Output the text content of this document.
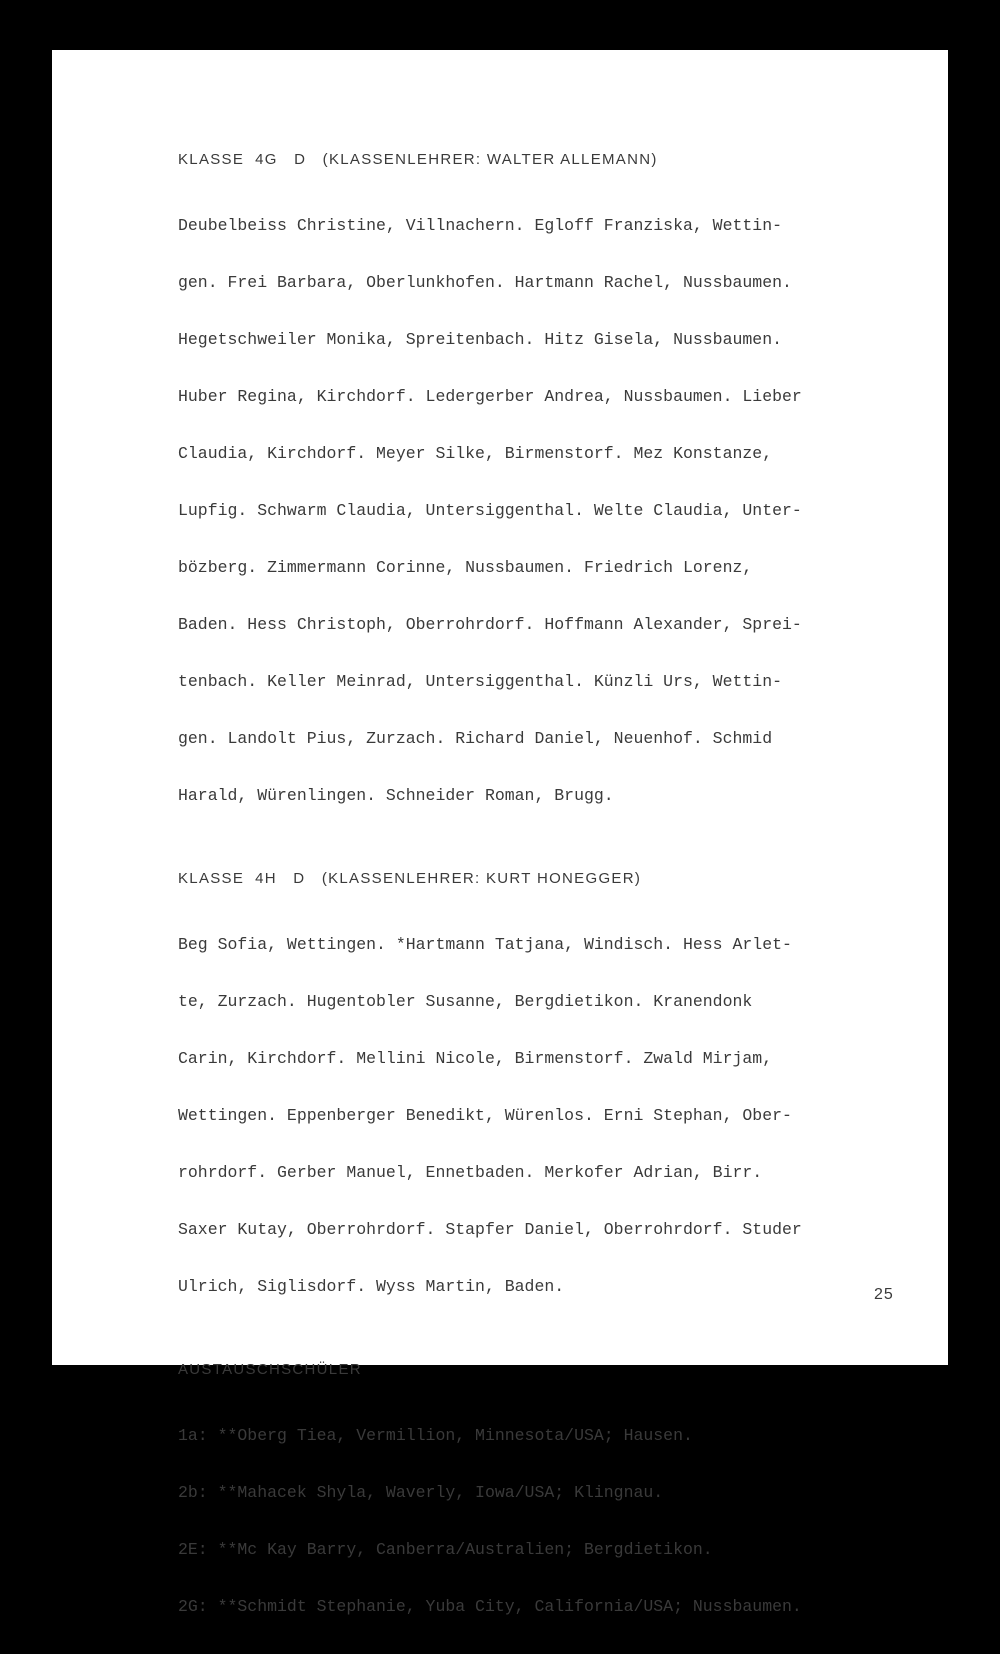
KLASSE  4G   D   (KLASSENLEHRER: WALTER ALLEMANN)

Deubelbeiss Christine, Villnachern. Egloff Franziska, Wettin-

gen. Frei Barbara, Oberlunkhofen. Hartmann Rachel, Nussbaumen.

Hegetschweiler Monika, Spreitenbach. Hitz Gisela, Nussbaumen.

Huber Regina, Kirchdorf. Ledergerber Andrea, Nussbaumen. Lieber

Claudia, Kirchdorf. Meyer Silke, Birmenstorf. Mez Konstanze,

Lupfig. Schwarm Claudia, Untersiggenthal. Welte Claudia, Unter-

bözberg. Zimmermann Corinne, Nussbaumen. Friedrich Lorenz,

Baden. Hess Christoph, Oberrohrdorf. Hoffmann Alexander, Sprei-

tenbach. Keller Meinrad, Untersiggenthal. Künzli Urs, Wettin-

gen. Landolt Pius, Zurzach. Richard Daniel, Neuenhof. Schmid

Harald, Würenlingen. Schneider Roman, Brugg.

KLASSE  4H   D   (KLASSENLEHRER: KURT HONEGGER)

Beg Sofia, Wettingen. *Hartmann Tatjana, Windisch. Hess Arlet-

te, Zurzach. Hugentobler Susanne, Bergdietikon. Kranendonk

Carin, Kirchdorf. Mellini Nicole, Birmenstorf. Zwald Mirjam,

Wettingen. Eppenberger Benedikt, Würenlos. Erni Stephan, Ober-

rohrdorf. Gerber Manuel, Ennetbaden. Merkofer Adrian, Birr.

Saxer Kutay, Oberrohrdorf. Stapfer Daniel, Oberrohrdorf. Studer

Ulrich, Siglisdorf. Wyss Martin, Baden.

AUSTAUSCHSCHÜLER

1a: **Oberg Tiea, Vermillion, Minnesota/USA; Hausen.

2b: **Mahacek Shyla, Waverly, Iowa/USA; Klingnau.

2E: **Mc Kay Barry, Canberra/Australien; Bergdietikon.

2G: **Schmidt Stephanie, Yuba City, California/USA; Nussbaumen.

25
